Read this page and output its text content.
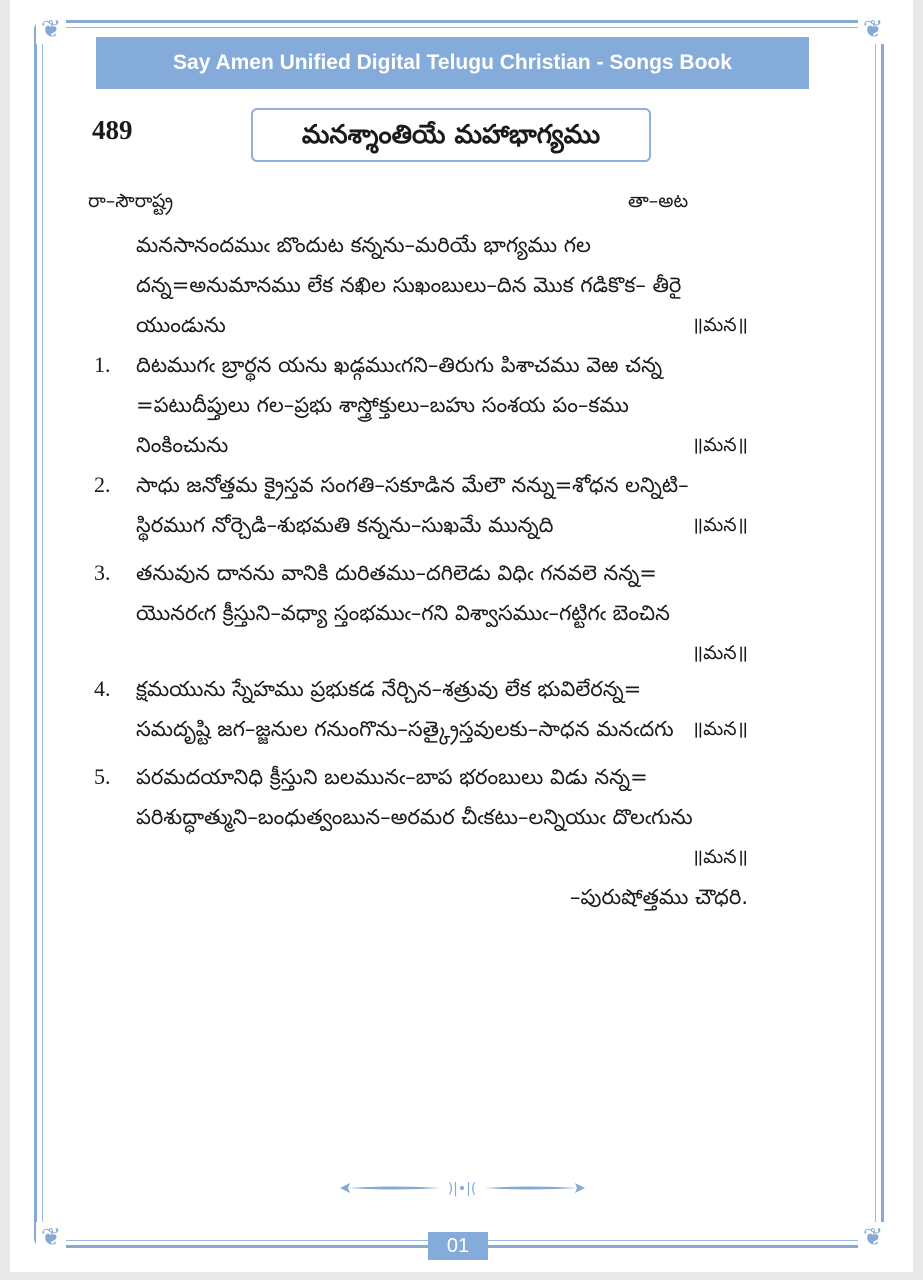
❦	❦
❦	❦
Say Amen Unified Digital Telugu Christian - Songs Book
489	మనశ్శాంతియే మహాభాగ్యము
రా–సౌరాష్ట్ర	తా–అట
మనసానందముఁ బొందుట కన్నను–మరియే భాగ్యము గల
దన్న=అనుమానము లేక నఖిల సుఖంబులు–దిన మొక గడికొక– తీరై
యుండును	॥మన॥
1. దిటముగఁ బ్రార్థన యను ఖడ్గముఁగని–తిరుగు పిశాచము వెఱ చన్న
=పటుదీప్తులు గల–ప్రభు శాస్త్రోక్తులు–బహు సంశయ పం–కము
నింకించును	॥మన॥
2. సాధు జనోత్తమ క్రైస్తవ సంగతి–సకూడిన మేలౌ నన్ను=శోధన లన్నిటి–
స్థిరముగ నోర్చెడి–శుభమతి కన్నను–సుఖమే మున్నది	॥మన॥
3. తనువున దానను వానికి దురితము–దగిలెడు విధిఁ గనవలె నన్న=
యొనరఁగ క్రీస్తుని–వధ్యా స్తంభముఁ–గని విశ్వాసముఁ–గట్టిగఁ బెంచిన
॥మన॥
4. క్షమయును స్నేహము ప్రభుకడ నేర్చిన–శత్రువు లేక భువిలేరన్న=
సమదృష్టి జగ–జ్జనుల గనుంగొను–సత్క్రైస్తవులకు–సాధన మనఁదగు ॥మన॥
5. పరమదయానిధి క్రీస్తుని బలమునఁ–బాప భరంబులు విడు నన్న=
పరిశుద్ధాత్ముని–బంధుత్వంబున–అరమర చీఁకటు–లన్నియుఁ దొలఁగును
॥మన॥
–పురుషోత్తము చౌధరి.
)|•|(
01
